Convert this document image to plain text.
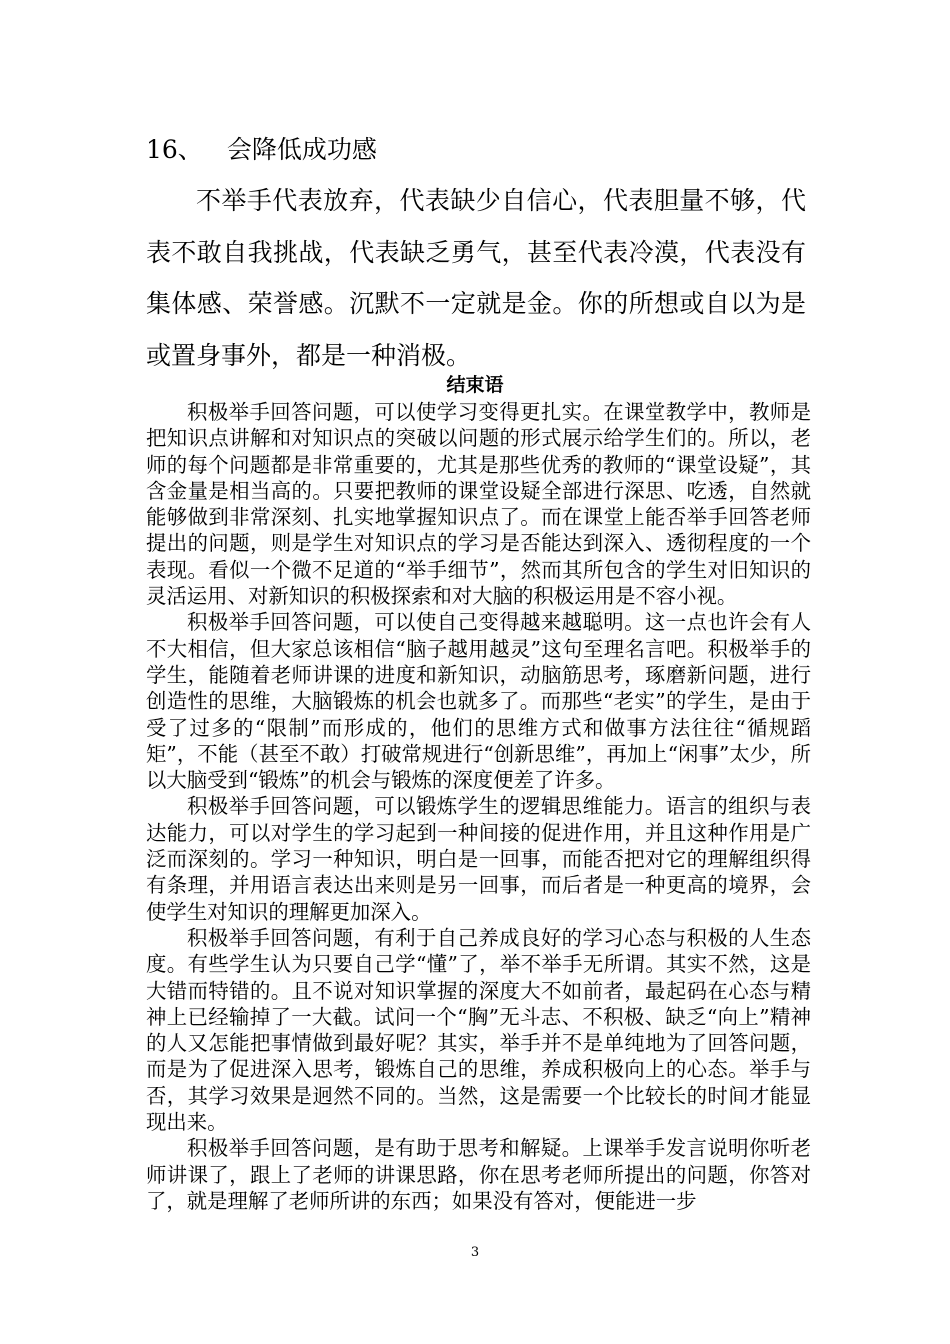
16、 会降低成功感

不举手代表放弃，代表缺少自信心，代表胆量不够，代表不敢自我挑战，代表缺乏勇气，甚至代表冷漠，代表没有集体感、荣誉感。沉默不一定就是金。你的所想或自以为是或置身事外，都是一种消极。

结束语

积极举手回答问题，可以使学习变得更扎实。在课堂教学中，教师是把知识点讲解和对知识点的突破以问题的形式展示给学生们的。所以，老师的每个问题都是非常重要的，尤其是那些优秀的教师的“课堂设疑”，其含金量是相当高的。只要把教师的课堂设疑全部进行深思、吃透，自然就能够做到非常深刻、扎实地掌握知识点了。而在课堂上能否举手回答老师提出的问题，则是学生对知识点的学习是否能达到深入、透彻程度的一个表现。看似一个微不足道的“举手细节”，然而其所包含的学生对旧知识的灵活运用、对新知识的积极探索和对大脑的积极运用是不容小视。

积极举手回答问题，可以使自己变得越来越聪明。这一点也许会有人不大相信，但大家总该相信“脑子越用越灵”这句至理名言吧。积极举手的学生，能随着老师讲课的进度和新知识，动脑筋思考，琢磨新问题，进行创造性的思维，大脑锻炼的机会也就多了。而那些“老实”的学生，是由于受了过多的“限制”而形成的，他们的思维方式和做事方法往往“循规蹈矩”，不能（甚至不敢）打破常规进行“创新思维”，再加上“闲事”太少，所以大脑受到“锻炼”的机会与锻炼的深度便差了许多。

积极举手回答问题，可以锻炼学生的逻辑思维能力。语言的组织与表达能力，可以对学生的学习起到一种间接的促进作用，并且这种作用是广泛而深刻的。学习一种知识，明白是一回事，而能否把对它的理解组织得有条理，并用语言表达出来则是另一回事，而后者是一种更高的境界，会使学生对知识的理解更加深入。

积极举手回答问题，有利于自己养成良好的学习心态与积极的人生态度。有些学生认为只要自己学“懂”了，举不举手无所谓。其实不然，这是大错而特错的。且不说对知识掌握的深度大不如前者，最起码在心态与精神上已经输掉了一大截。试问一个“胸”无斗志、不积极、缺乏“向上”精神的人又怎能把事情做到最好呢？其实，举手并不是单纯地为了回答问题，而是为了促进深入思考，锻炼自己的思维，养成积极向上的心态。举手与否，其学习效果是迥然不同的。当然，这是需要一个比较长的时间才能显现出来。

积极举手回答问题，是有助于思考和解疑。上课举手发言说明你听老师讲课了，跟上了老师的讲课思路，你在思考老师所提出的问题，你答对了，就是理解了老师所讲的东西；如果没有答对，便能进一步

3
